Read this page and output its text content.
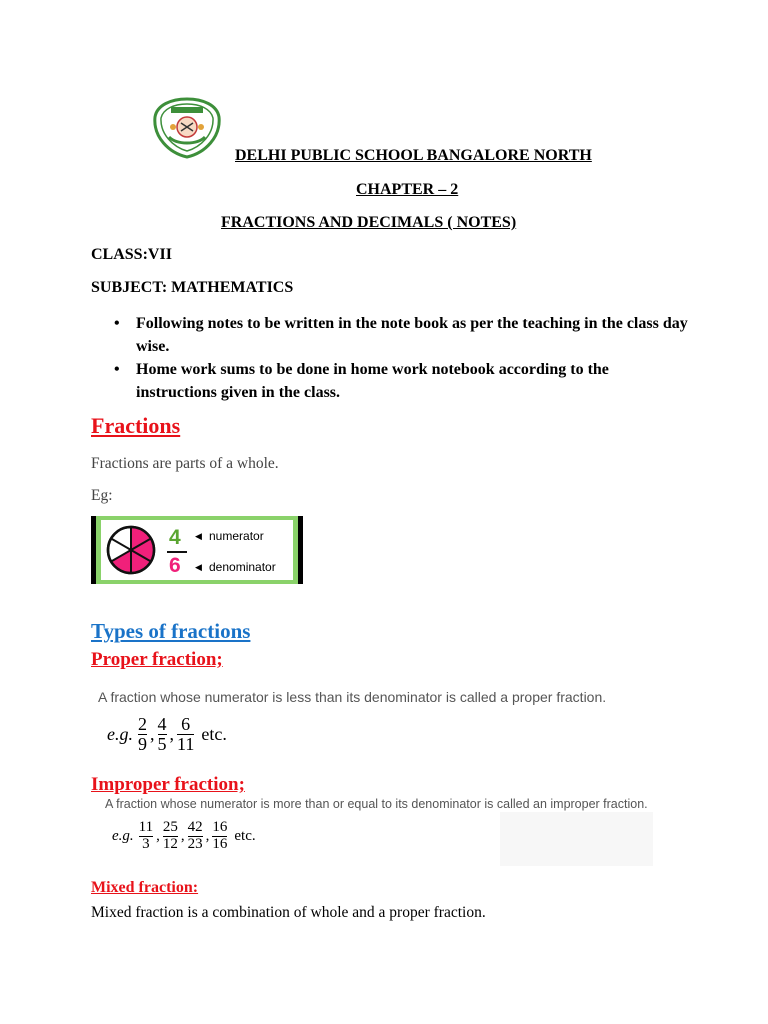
DELHI PUBLIC SCHOOL BANGALORE NORTH
CHAPTER – 2
FRACTIONS AND DECIMALS ( NOTES)
CLASS:VII
SUBJECT: MATHEMATICS
• Following notes to be written in the note book as per the teaching in the class day wise.
• Home work sums to be done in home work notebook according to the instructions given in the class.
Fractions
Fractions are parts of a whole.
Eg:
4
6
◀ numerator
◀ denominator
Types of fractions
Proper fraction;
A fraction whose numerator is less than its denominator is called a proper fraction.
e.g. $\frac{2}{9}$ , $\frac{4}{5}$ , $\frac{6}{11}$ etc.
Improper fraction;
A fraction whose numerator is more than or equal to its denominator is called an improper fraction.
e.g. $\frac{11}{3}$ , $\frac{25}{12}$ , $\frac{42}{23}$ , $\frac{16}{16}$ etc.
Mixed fraction:
Mixed fraction is a combination of whole and a proper fraction.
